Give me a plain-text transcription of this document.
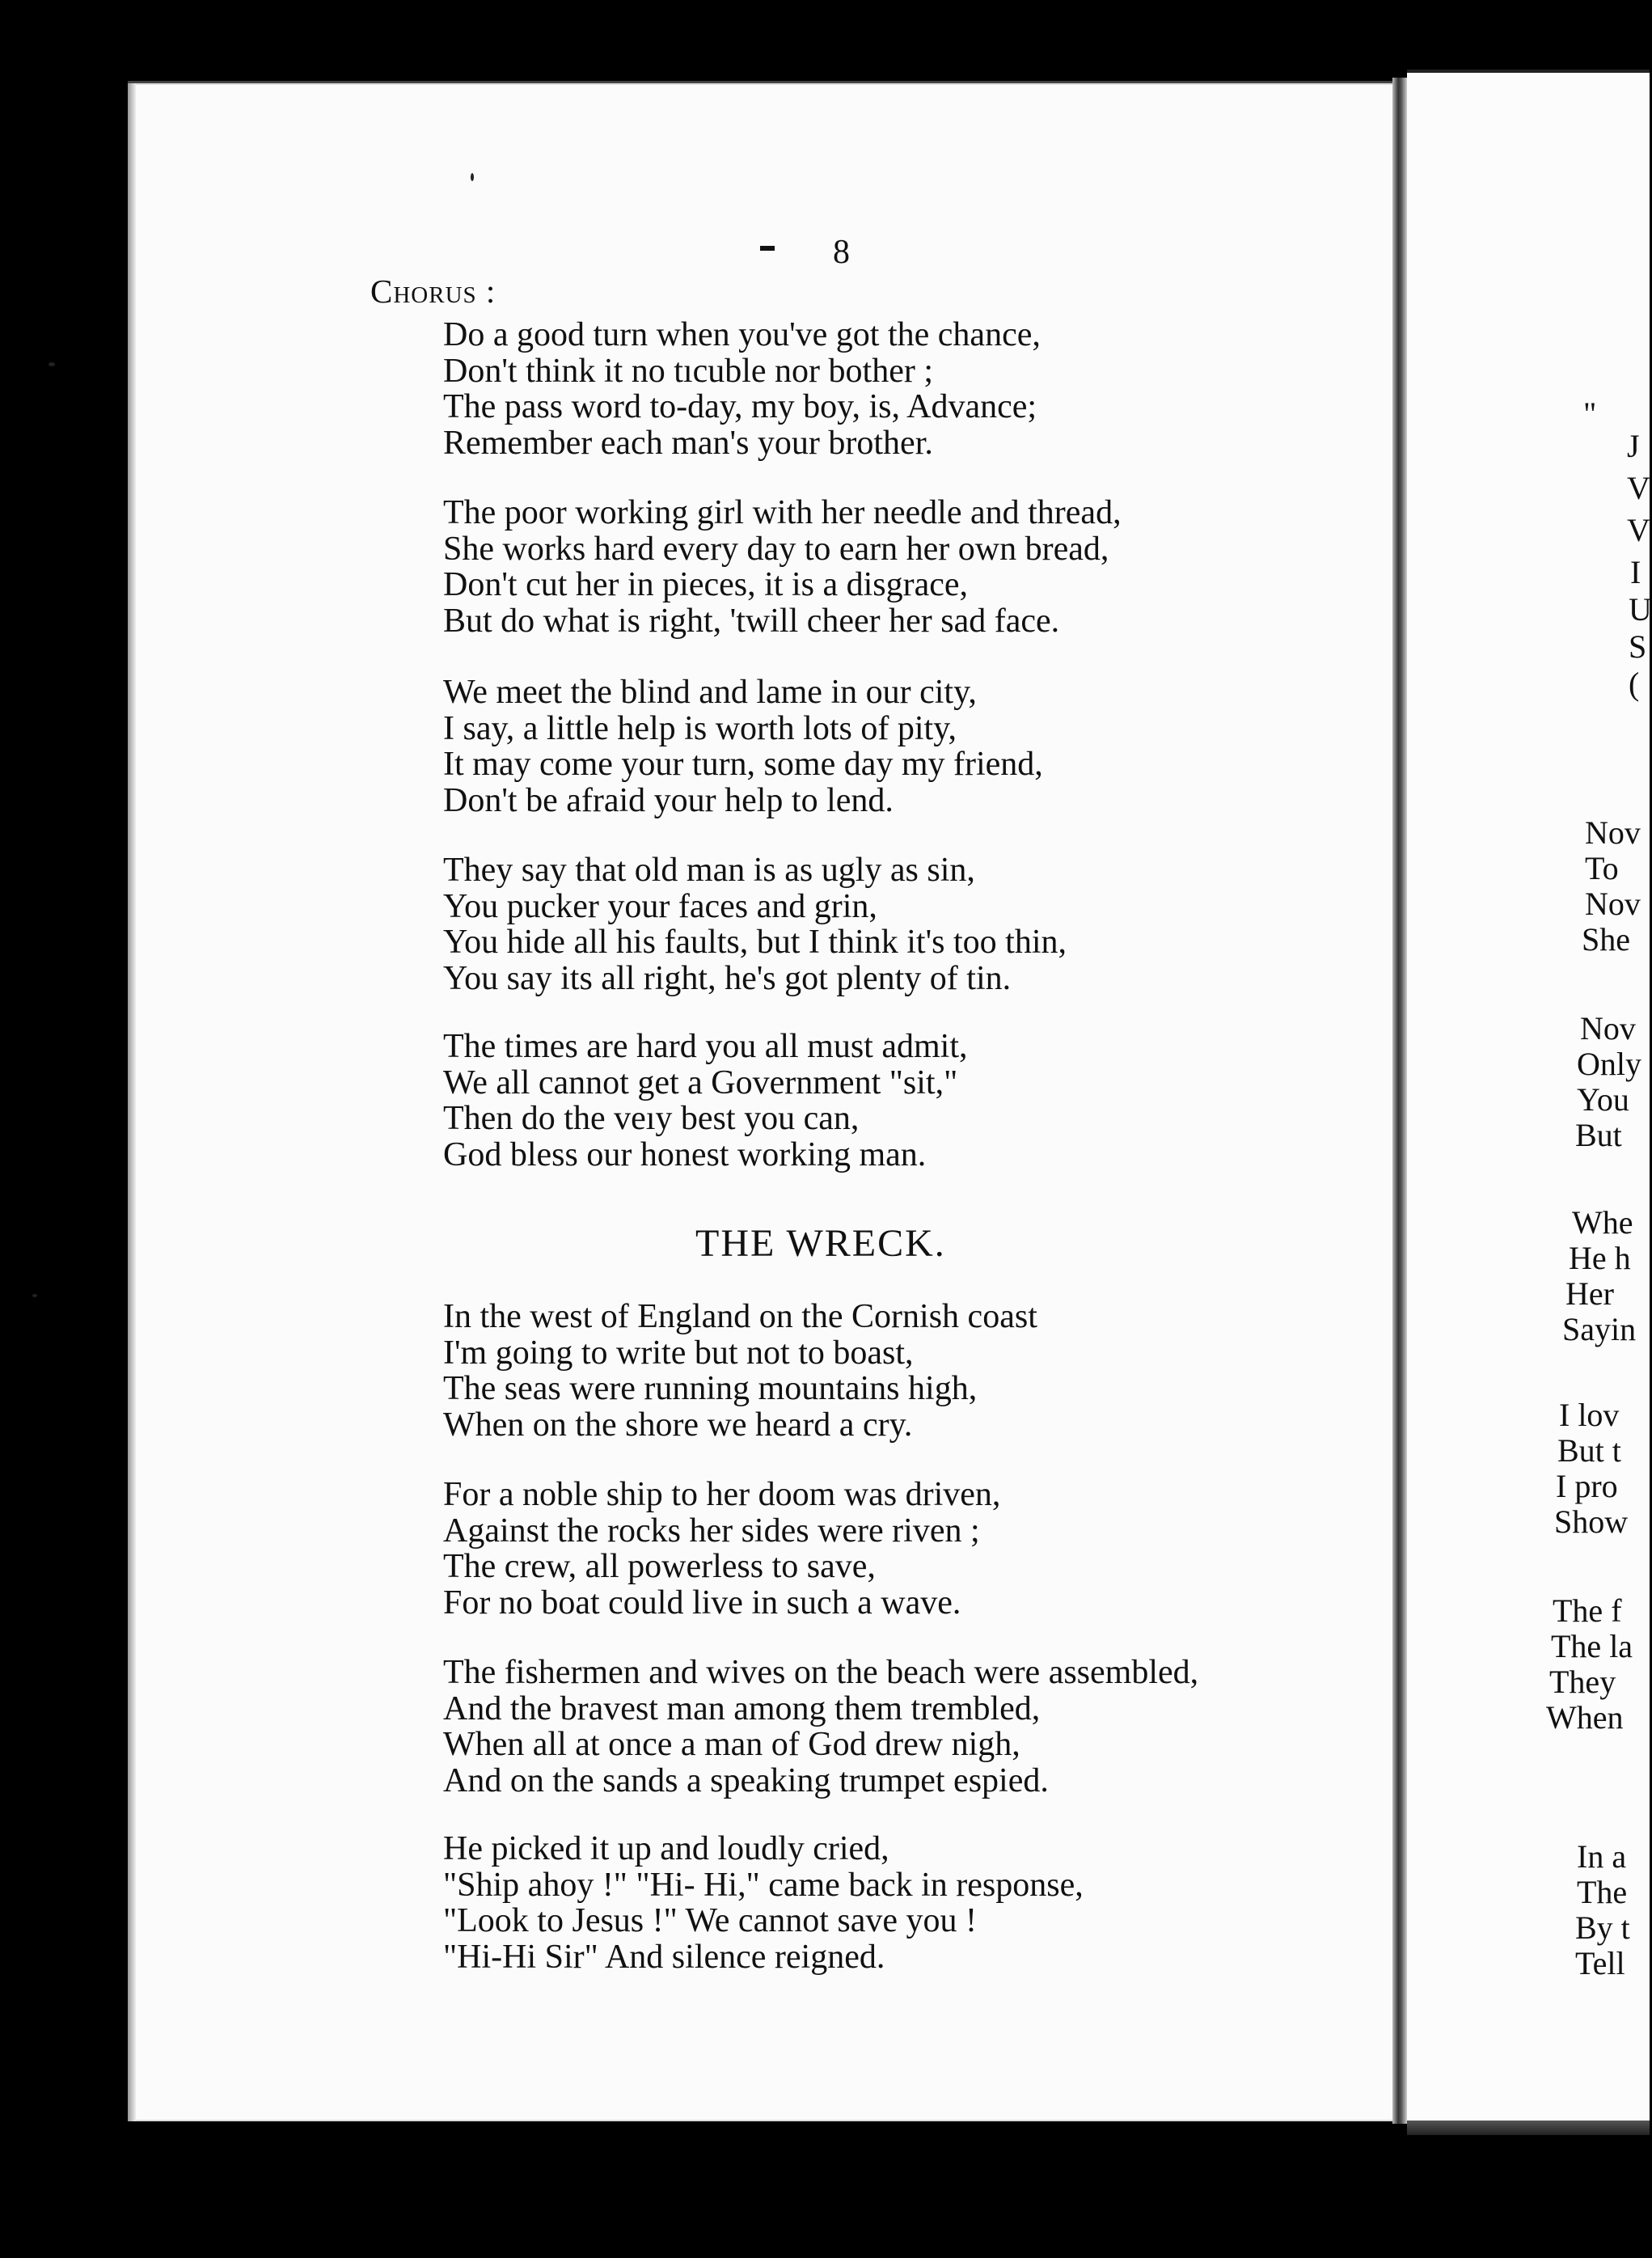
8
Chorus :
Do a good turn when you've got the chance,
Don't think it no tıcuble nor bother ;
The pass word to-day, my boy, is, Advance;
Remember each man's your brother.
The poor working girl with her needle and thread,
She works hard every day to earn her own bread,
Don't cut her in pieces, it is a disgrace,
But do what is right, 'twill cheer her sad face.
We meet the blind and lame in our city,
I say, a little help is worth lots of pity,
It may come your turn, some day my friend,
Don't be afraid your help to lend.
They say that old man is as ugly as sin,
You pucker your faces and grin,
You hide all his faults, but I think it's too thin,
You say its all right, he's got plenty of tin.
The times are hard you all must admit,
We all cannot get a Government "sit,"
Then do the veıy best you can,
God bless our honest working man.
THE WRECK.
In the west of England on the Cornish coast
I'm going to write but not to boast,
The seas were running mountains high,
When on the shore we heard a cry.
For a noble ship to her doom was driven,
Against the rocks her sides were riven ;
The crew, all powerless to save,
For no boat could live in such a wave.
The fishermen and wives on the beach were assembled,
And the bravest man among them trembled,
When all at once a man of God drew nigh,
And on the sands a speaking trumpet espied.
He picked it up and loudly cried,
"Ship ahoy !" "Hi- Hi," came back in response,
"Look to Jesus !" We cannot save you !
"Hi-Hi Sir" And silence reigned.
"
J
V
V
I
U
S
(
Nov
To
Nov
She
Nov
Only
You
But
Whe
He h
Her
Sayin
I lov
But t
I pro
Show
The f
The la
They
When
In a
The
By t
Tell
